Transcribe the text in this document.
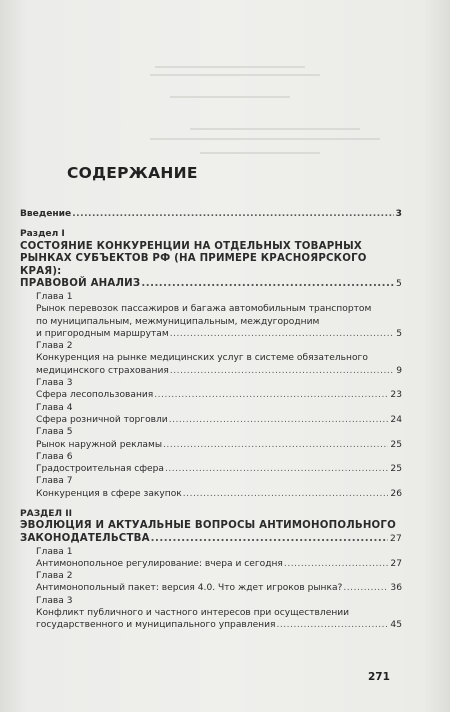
СОДЕРЖАНИЕ
Введение .....	3
Раздел I
СОСТОЯНИЕ КОНКУРЕНЦИИ НА ОТДЕЛЬНЫХ ТОВАРНЫХ
РЫНКАХ СУБЪЕКТОВ РФ (НА ПРИМЕРЕ КРАСНОЯРСКОГО КРАЯ):
ПРАВОВОЙ АНАЛИЗ .....	5
Глава 1
Рынок перевозок пассажиров и багажа автомобильным транспортом
по муниципальным, межмуниципальным, междугородним
и пригородным маршрутам .....	5
Глава 2
Конкуренция на рынке медицинских услуг в системе обязательного
медицинского страхования .....	9
Глава 3
Сфера лесопользования .....	23
Глава 4
Сфера розничной торговли .....	24
Глава 5
Рынок наружной рекламы .....	25
Глава 6
Градостроительная сфера .....	25
Глава 7
Конкуренция в сфере закупок .....	26
РАЗДЕЛ II
ЭВОЛЮЦИЯ И АКТУАЛЬНЫЕ ВОПРОСЫ АНТИМОНОПОЛЬНОГО
ЗАКОНОДАТЕЛЬСТВА .....	27
Глава 1
Антимонопольное регулирование: вчера и сегодня .....	27
Глава 2
Антимонопольный пакет: версия 4.0. Что ждет игроков рынка? .....	36
Глава 3
Конфликт публичного и частного интересов при осуществлении
государственного и муниципального управления .....	45
271
